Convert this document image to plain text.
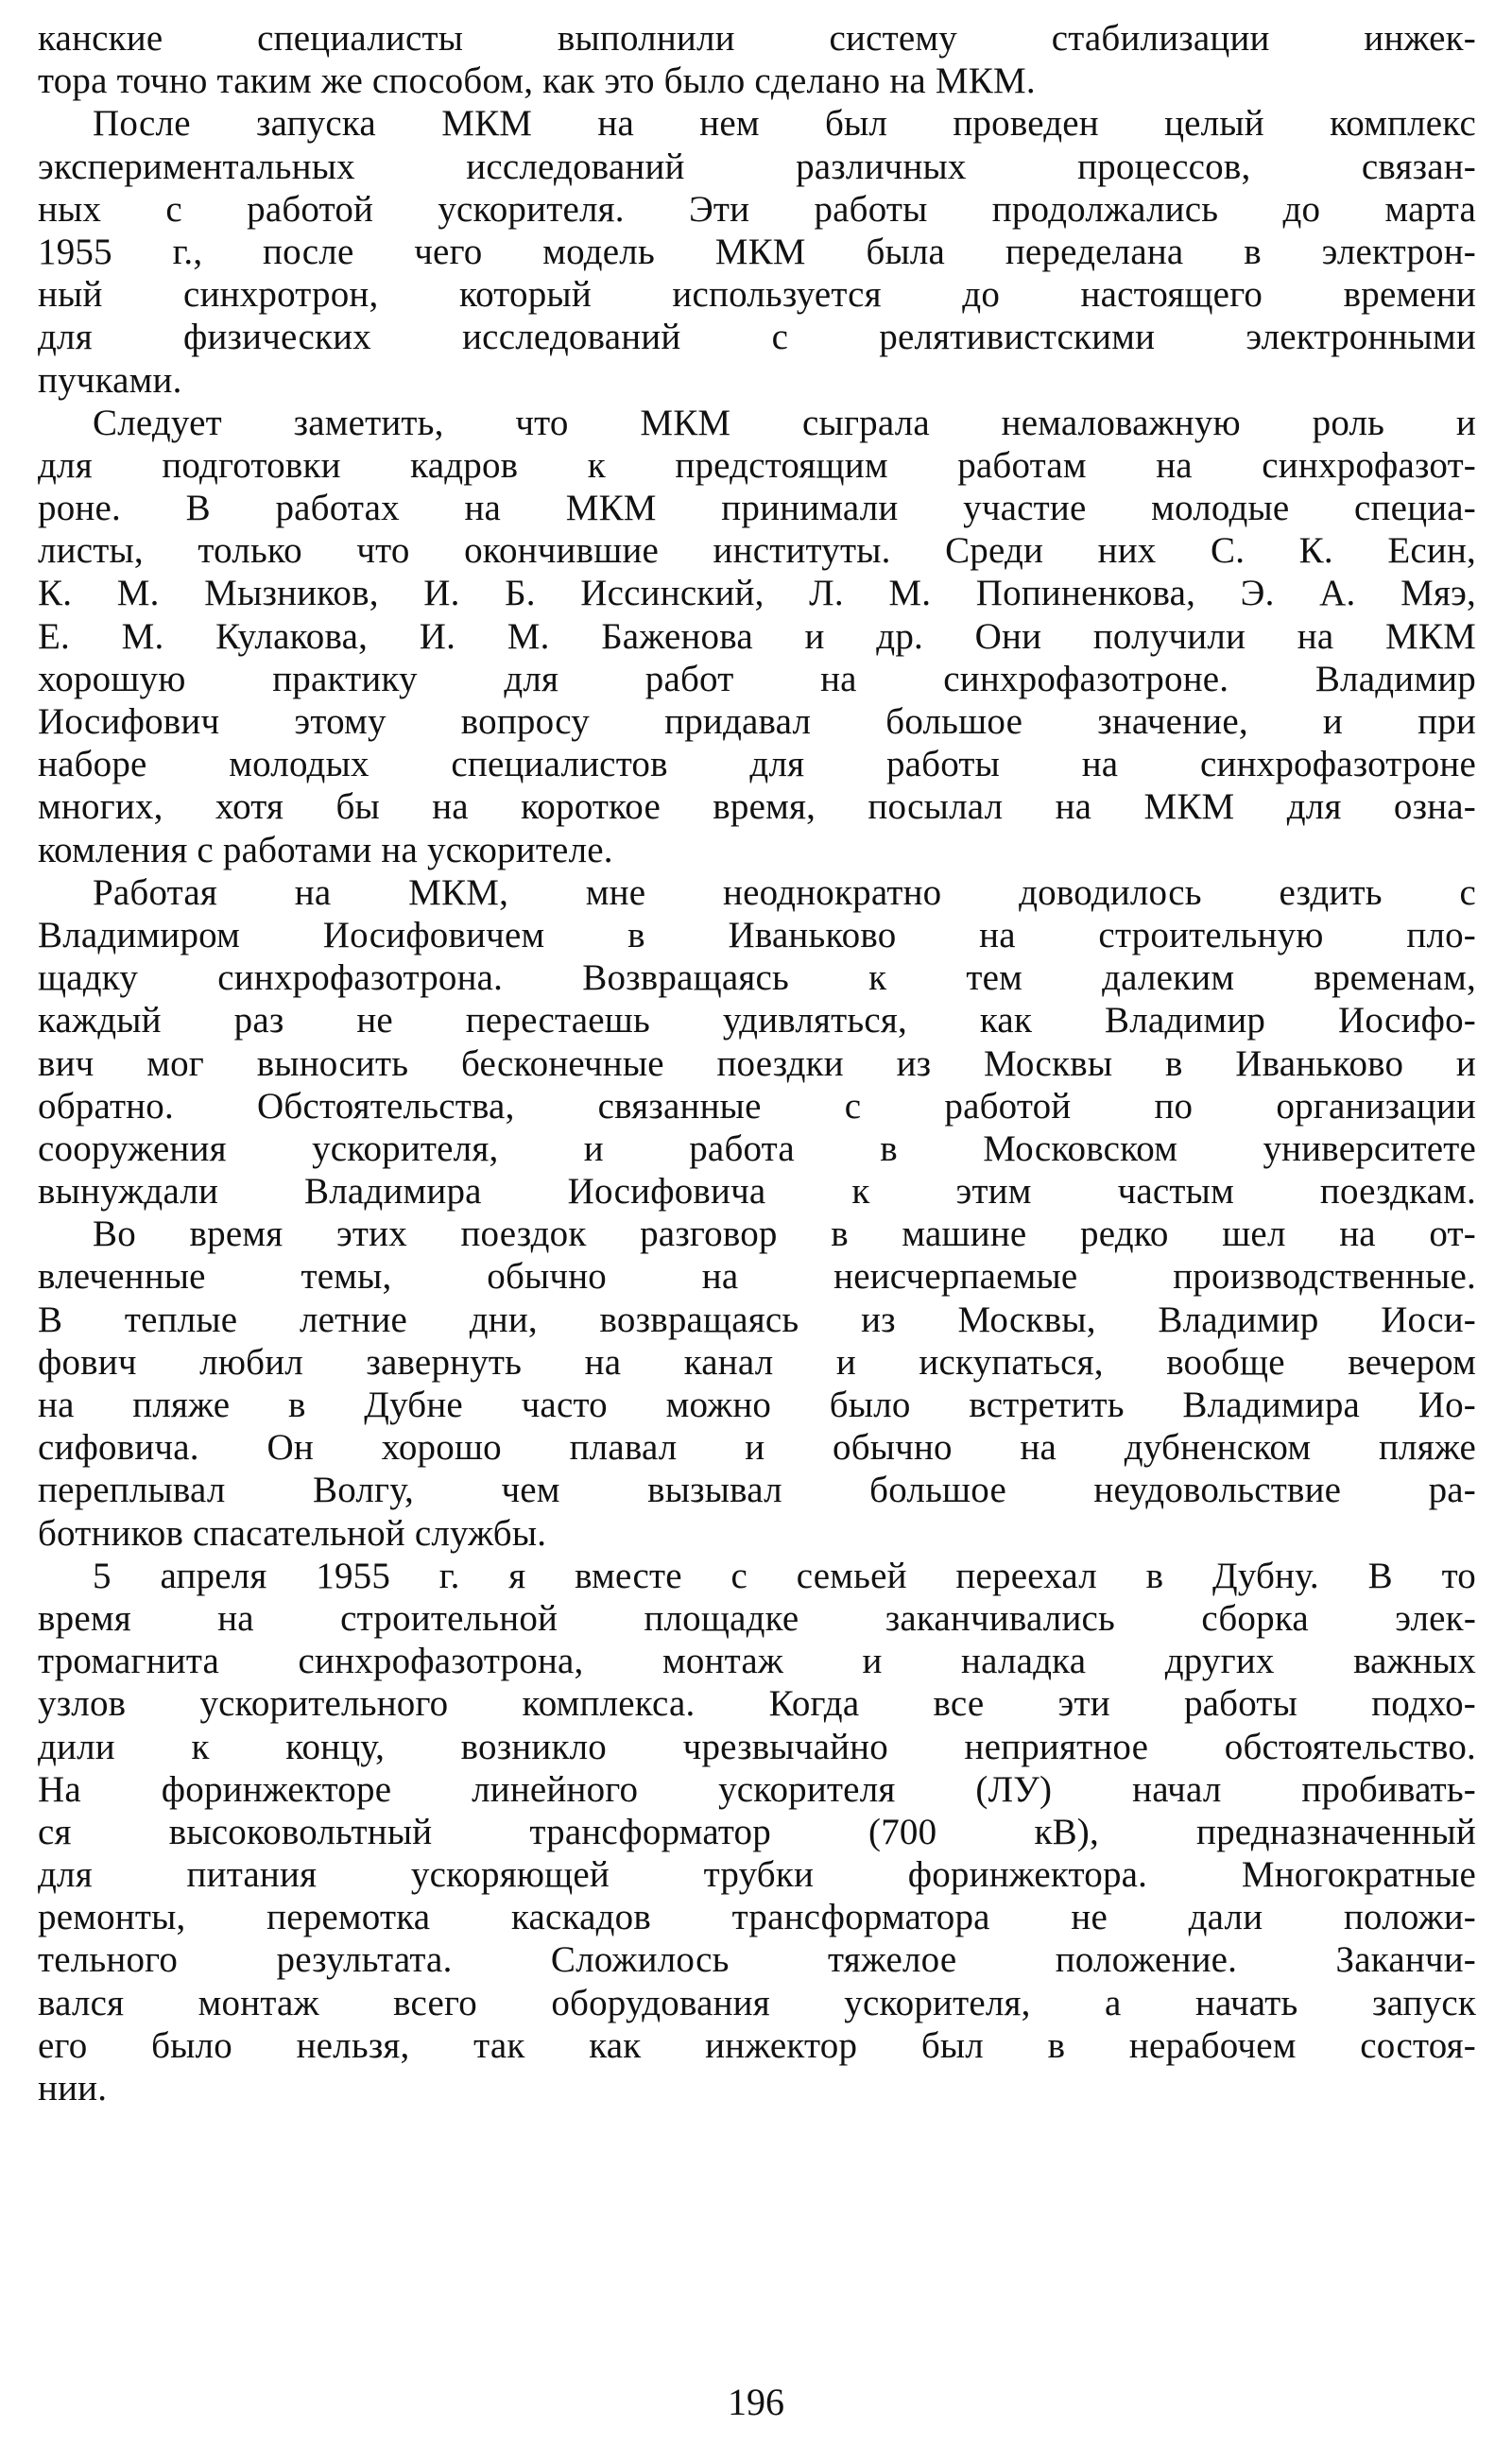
канские специалисты выполнили систему стабилизации инжек-
тора точно таким же способом, как это было сделано на МКМ.
После запуска МКМ на нем был проведен целый комплекс
экспериментальных исследований различных процессов, связан-
ных с работой ускорителя. Эти работы продолжались до марта
1955 г., после чего модель МКМ была переделана в электрон-
ный синхротрон, который используется до настоящего времени
для физических исследований с релятивистскими электронными
пучками.
Следует заметить, что МКМ сыграла немаловажную роль и
для подготовки кадров к предстоящим работам на синхрофазот-
роне. В работах на МКМ принимали участие молодые специа-
листы, только что окончившие институты. Среди них С. К. Есин,
К. М. Мызников, И. Б. Иссинский, Л. М. Попиненкова, Э. А. Мяэ,
Е. М. Кулакова, И. М. Баженова и др. Они получили на МКМ
хорошую практику для работ на синхрофазотроне. Владимир
Иосифович этому вопросу придавал большое значение, и при
наборе молодых специалистов для работы на синхрофазотроне
многих, хотя бы на короткое время, посылал на МКМ для озна-
комления с работами на ускорителе.
Работая на МКМ, мне неоднократно доводилось ездить с
Владимиром Иосифовичем в Иваньково на строительную пло-
щадку синхрофазотрона. Возвращаясь к тем далеким временам,
каждый раз не перестаешь удивляться, как Владимир Иосифо-
вич мог выносить бесконечные поездки из Москвы в Иваньково и
обратно. Обстоятельства, связанные с работой по организации
сооружения ускорителя, и работа в Московском университете
вынуждали Владимира Иосифовича к этим частым поездкам.
Во время этих поездок разговор в машине редко шел на от-
влеченные темы, обычно на неисчерпаемые производственные.
В теплые летние дни, возвращаясь из Москвы, Владимир Иоси-
фович любил завернуть на канал и искупаться, вообще вечером
на пляже в Дубне часто можно было встретить Владимира Ио-
сифовича. Он хорошо плавал и обычно на дубненском пляже
переплывал Волгу, чем вызывал большое неудовольствие ра-
ботников спасательной службы.
5 апреля 1955 г. я вместе с семьей переехал в Дубну. В то
время на строительной площадке заканчивались сборка элек-
тромагнита синхрофазотрона, монтаж и наладка других важных
узлов ускорительного комплекса. Когда все эти работы подхо-
дили к концу, возникло чрезвычайно неприятное обстоятельство.
На форинжекторе линейного ускорителя (ЛУ) начал пробивать-
ся высоковольтный трансформатор (700 кВ), предназначенный
для питания ускоряющей трубки форинжектора. Многократные
ремонты, перемотка каскадов трансформатора не дали положи-
тельного результата. Сложилось тяжелое положение. Заканчи-
вался монтаж всего оборудования ускорителя, а начать запуск
его было нельзя, так как инжектор был в нерабочем состоя-
нии.
196
